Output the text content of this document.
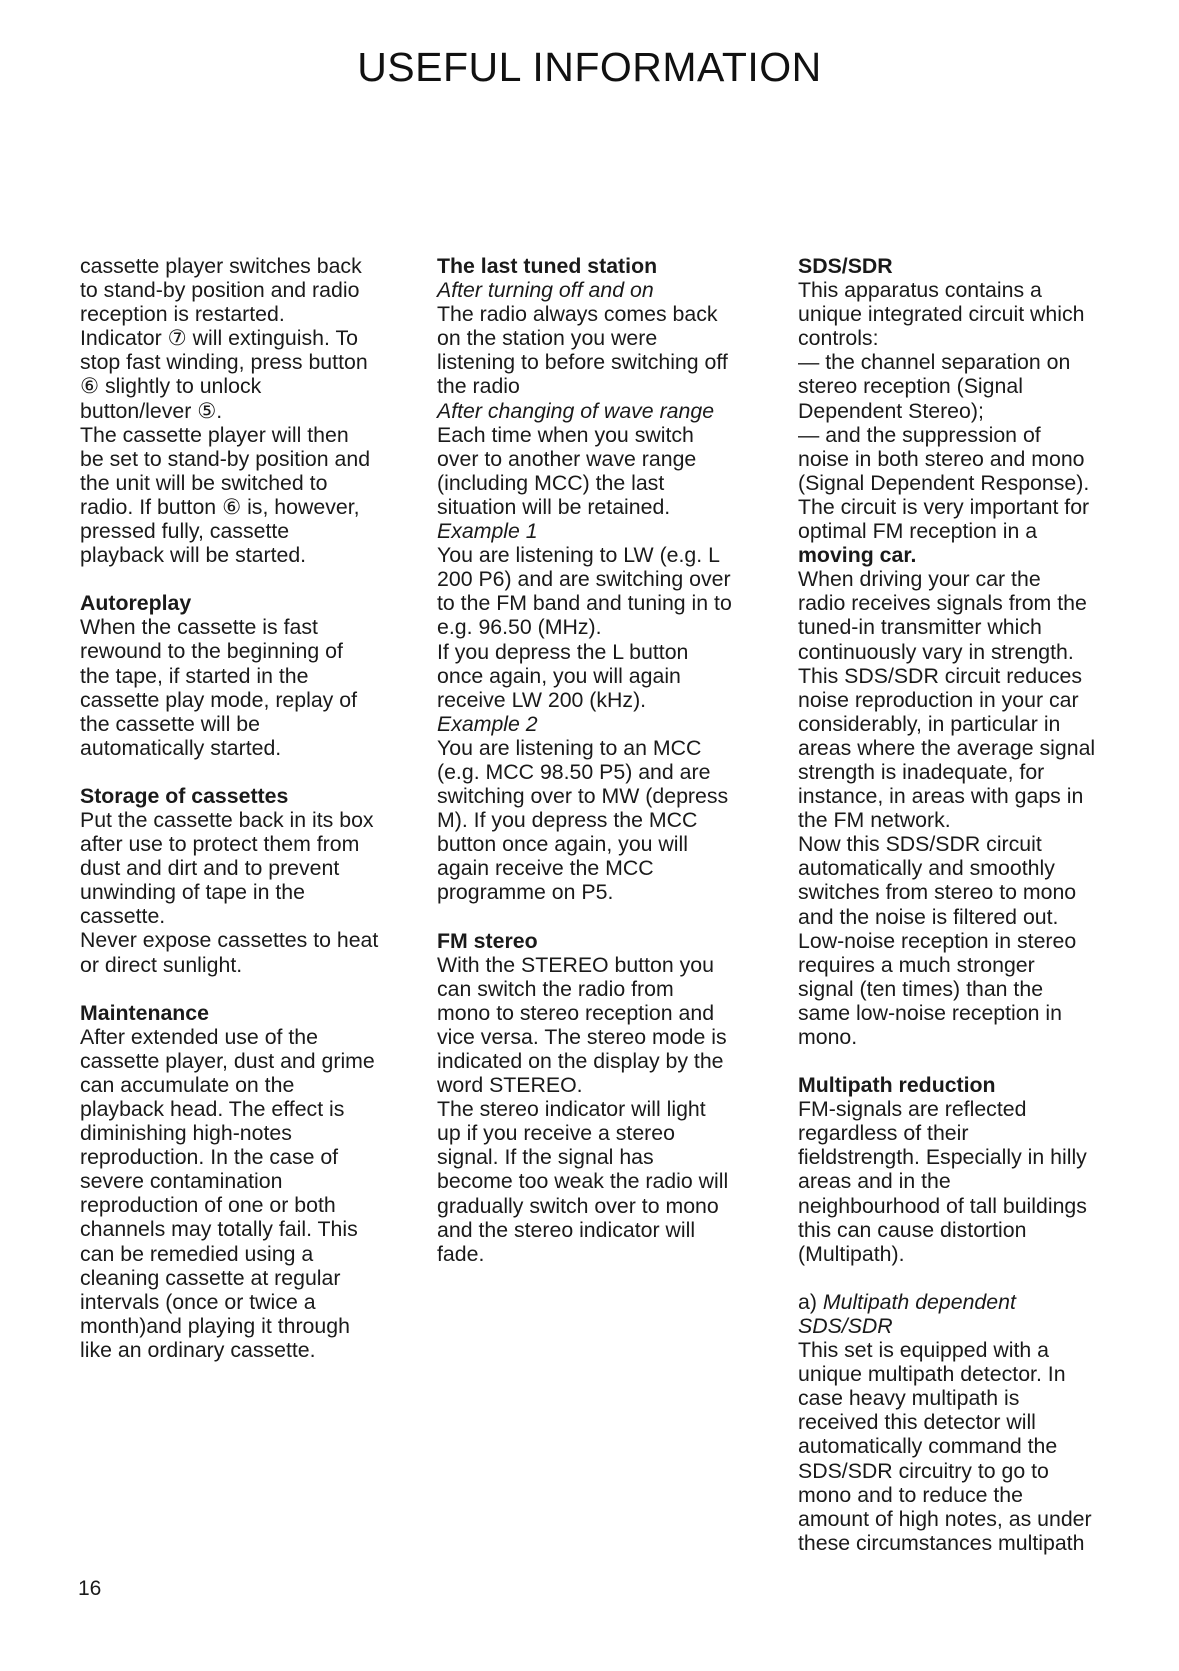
USEFUL INFORMATION

cassette player switches back
to stand-by position and radio
reception is restarted.
Indicator ⑦ will extinguish. To
stop fast winding, press button
⑥ slightly to unlock
button/lever ⑤.
The cassette player will then
be set to stand-by position and
the unit will be switched to
radio. If button ⑥ is, however,
pressed fully, cassette
playback will be started.

Autoreplay

When the cassette is fast
rewound to the beginning of
the tape, if started in the
cassette play mode, replay of
the cassette will be
automatically started.

Storage of cassettes

Put the cassette back in its box
after use to protect them from
dust and dirt and to prevent
unwinding of tape in the
cassette.
Never expose cassettes to heat
or direct sunlight.

Maintenance

After extended use of the
cassette player, dust and grime
can accumulate on the
playback head. The effect is
diminishing high-notes
reproduction. In the case of
severe contamination
reproduction of one or both
channels may totally fail. This
can be remedied using a
cleaning cassette at regular
intervals (once or twice a
month)and playing it through
like an ordinary cassette.

The last tuned station

After turning off and on

The radio always comes back
on the station you were
listening to before switching off
the radio

After changing of wave range

Each time when you switch
over to another wave range
(including MCC) the last
situation will be retained.

Example 1

You are listening to LW (e.g. L
200 P6) and are switching over
to the FM band and tuning in to
e.g. 96.50 (MHz).
If you depress the L button
once again, you will again
receive LW 200 (kHz).

Example 2

You are listening to an MCC
(e.g. MCC 98.50 P5) and are
switching over to MW (depress
M). If you depress the MCC
button once again, you will
again receive the MCC
programme on P5.

FM stereo

With the STEREO button you
can switch the radio from
mono to stereo reception and
vice versa. The stereo mode is
indicated on the display by the
word STEREO.
The stereo indicator will light
up if you receive a stereo
signal. If the signal has
become too weak the radio will
gradually switch over to mono
and the stereo indicator will
fade.

SDS/SDR

This apparatus contains a
unique integrated circuit which
controls:
— the channel separation on
stereo reception (Signal
Dependent Stereo);
— and the suppression of
noise in both stereo and mono
(Signal Dependent Response).
The circuit is very important for
optimal FM reception in a

moving car.

When driving your car the
radio receives signals from the
tuned-in transmitter which
continuously vary in strength.
This SDS/SDR circuit reduces
noise reproduction in your car
considerably, in particular in
areas where the average signal
strength is inadequate, for
instance, in areas with gaps in
the FM network.
Now this SDS/SDR circuit
automatically and smoothly
switches from stereo to mono
and the noise is filtered out.
Low-noise reception in stereo
requires a much stronger
signal (ten times) than the
same low-noise reception in
mono.

Multipath reduction

FM-signals are reflected
regardless of their
fieldstrength. Especially in hilly
areas and in the
neighbourhood of tall buildings
this can cause distortion
(Multipath).

a) Multipath dependent
SDS/SDR

This set is equipped with a
unique multipath detector. In
case heavy multipath is
received this detector will
automatically command the
SDS/SDR circuitry to go to
mono and to reduce the
amount of high notes, as under
these circumstances multipath

16
